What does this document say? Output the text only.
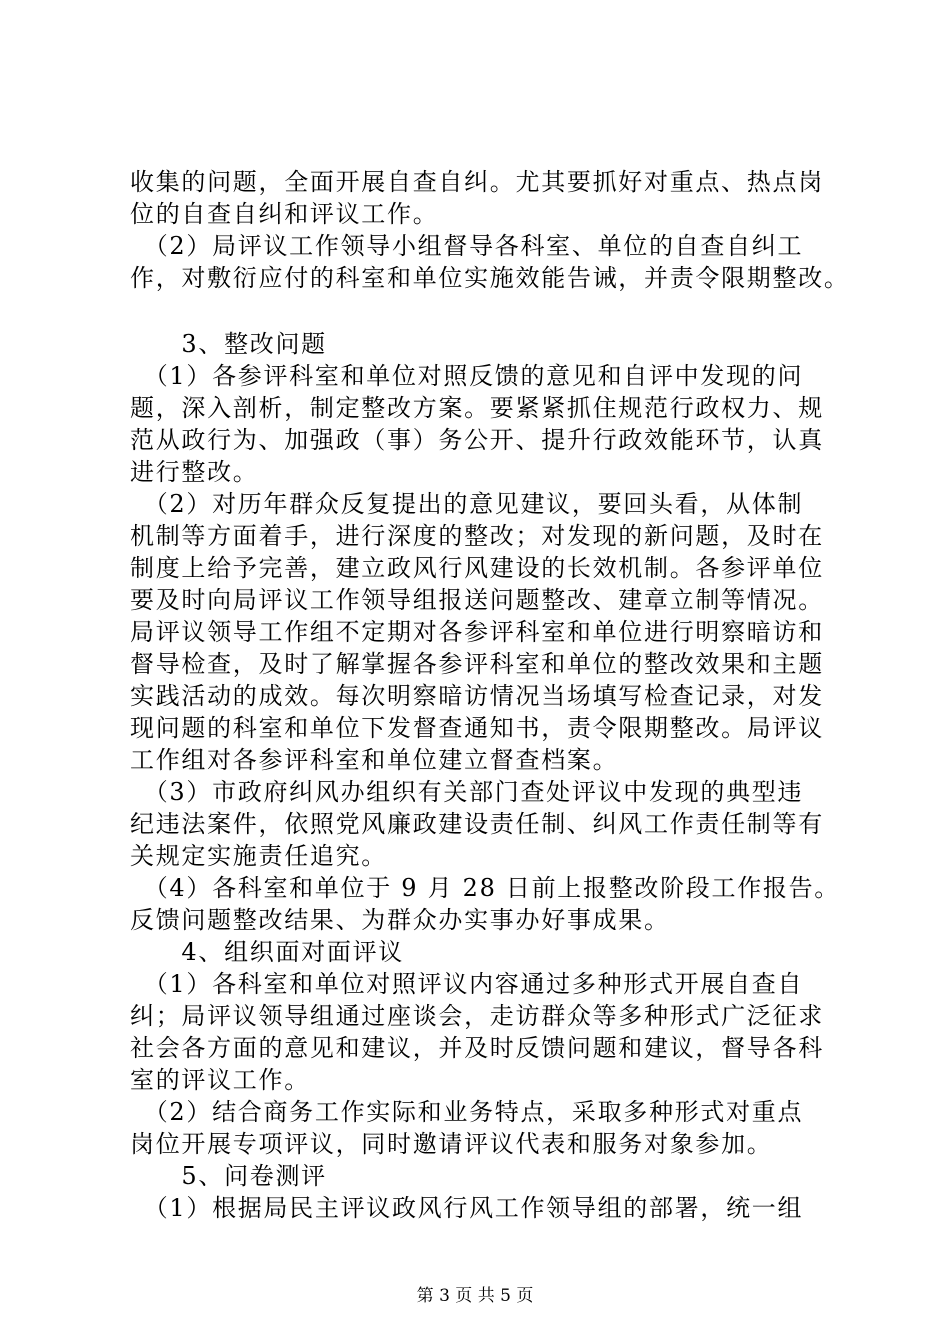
收集的问题，全面开展自查自纠。尤其要抓好对重点、热点岗
位的自查自纠和评议工作。
　（2）局评议工作领导小组督导各科室、单位的自查自纠工
作，对敷衍应付的科室和单位实施效能告诫，并责令限期整改。
　　3、整改问题
　（1）各参评科室和单位对照反馈的意见和自评中发现的问
题，深入剖析，制定整改方案。要紧紧抓住规范行政权力、规
范从政行为、加强政（事）务公开、提升行政效能环节，认真
进行整改。
　（2）对历年群众反复提出的意见建议，要回头看，从体制
机制等方面着手，进行深度的整改；对发现的新问题，及时在
制度上给予完善，建立政风行风建设的长效机制。各参评单位
要及时向局评议工作领导组报送问题整改、建章立制等情况。
局评议领导工作组不定期对各参评科室和单位进行明察暗访和
督导检查，及时了解掌握各参评科室和单位的整改效果和主题
实践活动的成效。每次明察暗访情况当场填写检查记录，对发
现问题的科室和单位下发督查通知书，责令限期整改。局评议
工作组对各参评科室和单位建立督查档案。
　（3）市政府纠风办组织有关部门查处评议中发现的典型违
纪违法案件，依照党风廉政建设责任制、纠风工作责任制等有
关规定实施责任追究。
　（4）各科室和单位于 9 月 28 日前上报整改阶段工作报告。
反馈问题整改结果、为群众办实事办好事成果。
　　4、组织面对面评议
　（1）各科室和单位对照评议内容通过多种形式开展自查自
纠；局评议领导组通过座谈会，走访群众等多种形式广泛征求
社会各方面的意见和建议，并及时反馈问题和建议，督导各科
室的评议工作。
　（2）结合商务工作实际和业务特点，采取多种形式对重点
岗位开展专项评议，同时邀请评议代表和服务对象参加。
　　5、问卷测评
　（1）根据局民主评议政风行风工作领导组的部署，统一组
第 3 页 共 5 页
